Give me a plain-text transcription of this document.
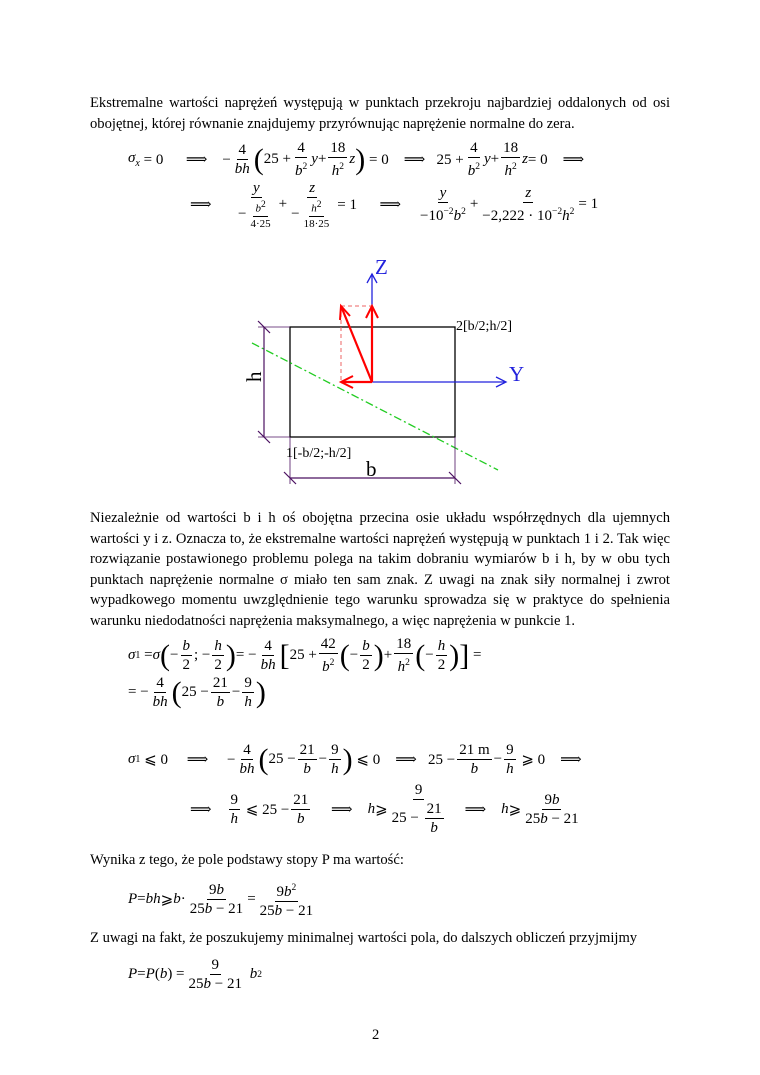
Ekstremalne wartości naprężeń występują w punktach przekroju najbardziej oddalonych od osi obojętnej, której równanie znajdujemy przyrównując naprężenie normalne do zera.

$\sigma_x = 0$      ⟹    − $\frac{4}{bh}$ ( $25 + \frac{4}{b^2}$ $y + \frac{18}{h^2}$ z ) = 0    ⟹   $25 + \frac{4}{b^2}$ $y + \frac{18}{h^2}$ z = 0    ⟹
⟹ $\frac{y}{- \frac{b^2}{4\cdot 25}} + \frac{z}{- \frac{h^2}{18\cdot 25}} = 1$      ⟹ $\frac{y}{-10^{-2}b^2} + \frac{z}{-2,222 \cdot 10^{-2}h^2} = 1$
Z
Y
2[b/2;h/2]
1[-b/2;-h/2]
b
h

Niezależnie od wartości b i h oś obojętna przecina osie układu współrzędnych dla ujemnych wartości y i z. Oznacza to, że ekstremalne wartości naprężeń występują w punktach 1 i 2. Tak więc rozwiązanie postawionego problemu polega na takim dobraniu wymiarów b i h, by w obu tych punktach naprężenie normalne σ miało ten sam znak. Z uwagi na znak siły normalnej i zwrot wypadkowego momentu uwzględnienie tego warunku sprowadza się w praktyce do spełnienia warunku niedodatności naprężenia maksymalnego, a więc naprężenia w punkcie 1.

σ 1 = σ ( − $\frac{b}{2}$ ; − $\frac{h}{2}$ ) = − $\frac{4}{bh}$ [ $25 + \frac{42}{b^2}$ ( − $\frac{b}{2}$ ) + $\frac{18}{h^2}$ ( − $\frac{h}{2}$ ) ] =
= − $\frac{4}{bh}$ ( $25 - \frac{21}{b} - \frac{9}{h}$ )
σ 1 ⩽ 0     ⟹     − $\frac{4}{bh}$ ( $25 - \frac{21}{b} - \frac{9}{h}$ ) ⩽ 0    ⟹   $25 - \frac{21 m}{b} - \frac{9}{h}$ ⩾ 0    ⟹
⟹ $\frac{9}{h}$ ⩽ $25 - \frac{21}{b}$ ⟹ h ⩾ $\frac{9}{25 - \frac{21}{b}}$ ⟹ h ⩾ $\frac{9b}{25b - 21}$

Wynika z tego, że pole podstawy stopy P ma wartość:

P = bh ⩾ $b \cdot \frac{9b}{25b - 21} = \frac{9b^2}{25b - 21}$

Z uwagi na fakt, że poszukujemy minimalnej wartości pola, do dalszych obliczeń przyjmijmy

P = P ( b ) = $\frac{9}{25b - 21}$
b 2
2
